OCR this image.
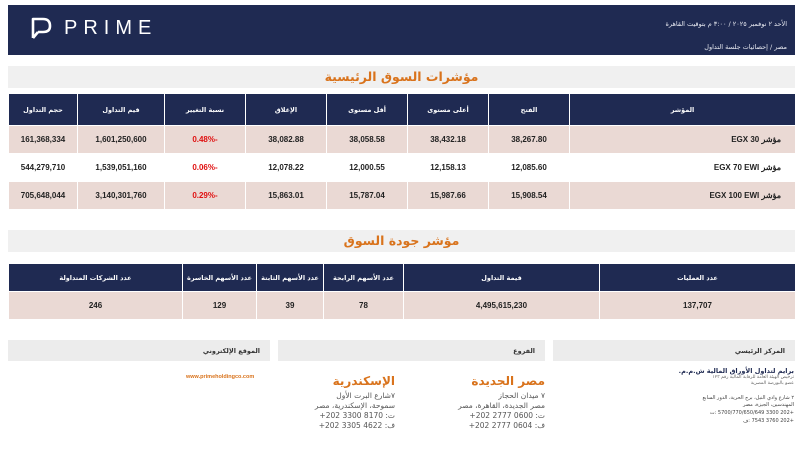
PRIME	الأحد ٢ نوفمبر ٢٠٢٥ / ٣:٠٠ م بتوقيت القاهرة
مصر / إحصائيات جلسة التداول
مؤشرات السوق الرئيسية
المؤشر	الفتح	أعلى مستوى	أقل مستوى	الإغلاق	نسبة التغيير	قيم التداول	حجم التداول
مؤشر EGX 30	38,267.80	38,432.18	38,058.58	38,082.88	-0.48%	1,601,250,600	161,368,334
مؤشر EGX 70 EWI	12,085.60	12,158.13	12,000.55	12,078.22	-0.06%	1,539,051,160	544,279,710
مؤشر EGX 100 EWI	15,908.54	15,987.66	15,787.04	15,863.01	-0.29%	3,140,301,760	705,648,044
مؤشر جودة السوق
عدد العمليات	قيمة التداول	عدد الأسهم الرابحة	عدد الأسهم الثابتة	عدد الأسهم الخاسرة	عدد الشركات المتداولة
137,707	4,495,615,230	78	39	129	246
المركز الرئيسي
الفروع
الموقع الإلكتروني
www.primeholdingco.com	مصر الجديدة
٧ ميدان الحجاز
مصر الجديدة، القاهرة، مصر
ت: 0600 2777 202+
ف: 0604 2777 202+
الإسكندرية
٧شارع البرت الأول
سموحة، الإسكندرية، مصر
ت: 8170 3300 202+
ف: 4622 3305 202+
برايم لتداول الأوراق المالية ش.م.م.
ترخيص الهيئة العامة للرقابة المالية رقم ١٢٣
عضو بالبورصة المصرية
٢ شارع وادي النيل، برج الحرية، الدور السابع
المهندسين، الجيزة، مصر
+202 3300 5700/770/650/649 :ت
+202 3760 7543 :ف
